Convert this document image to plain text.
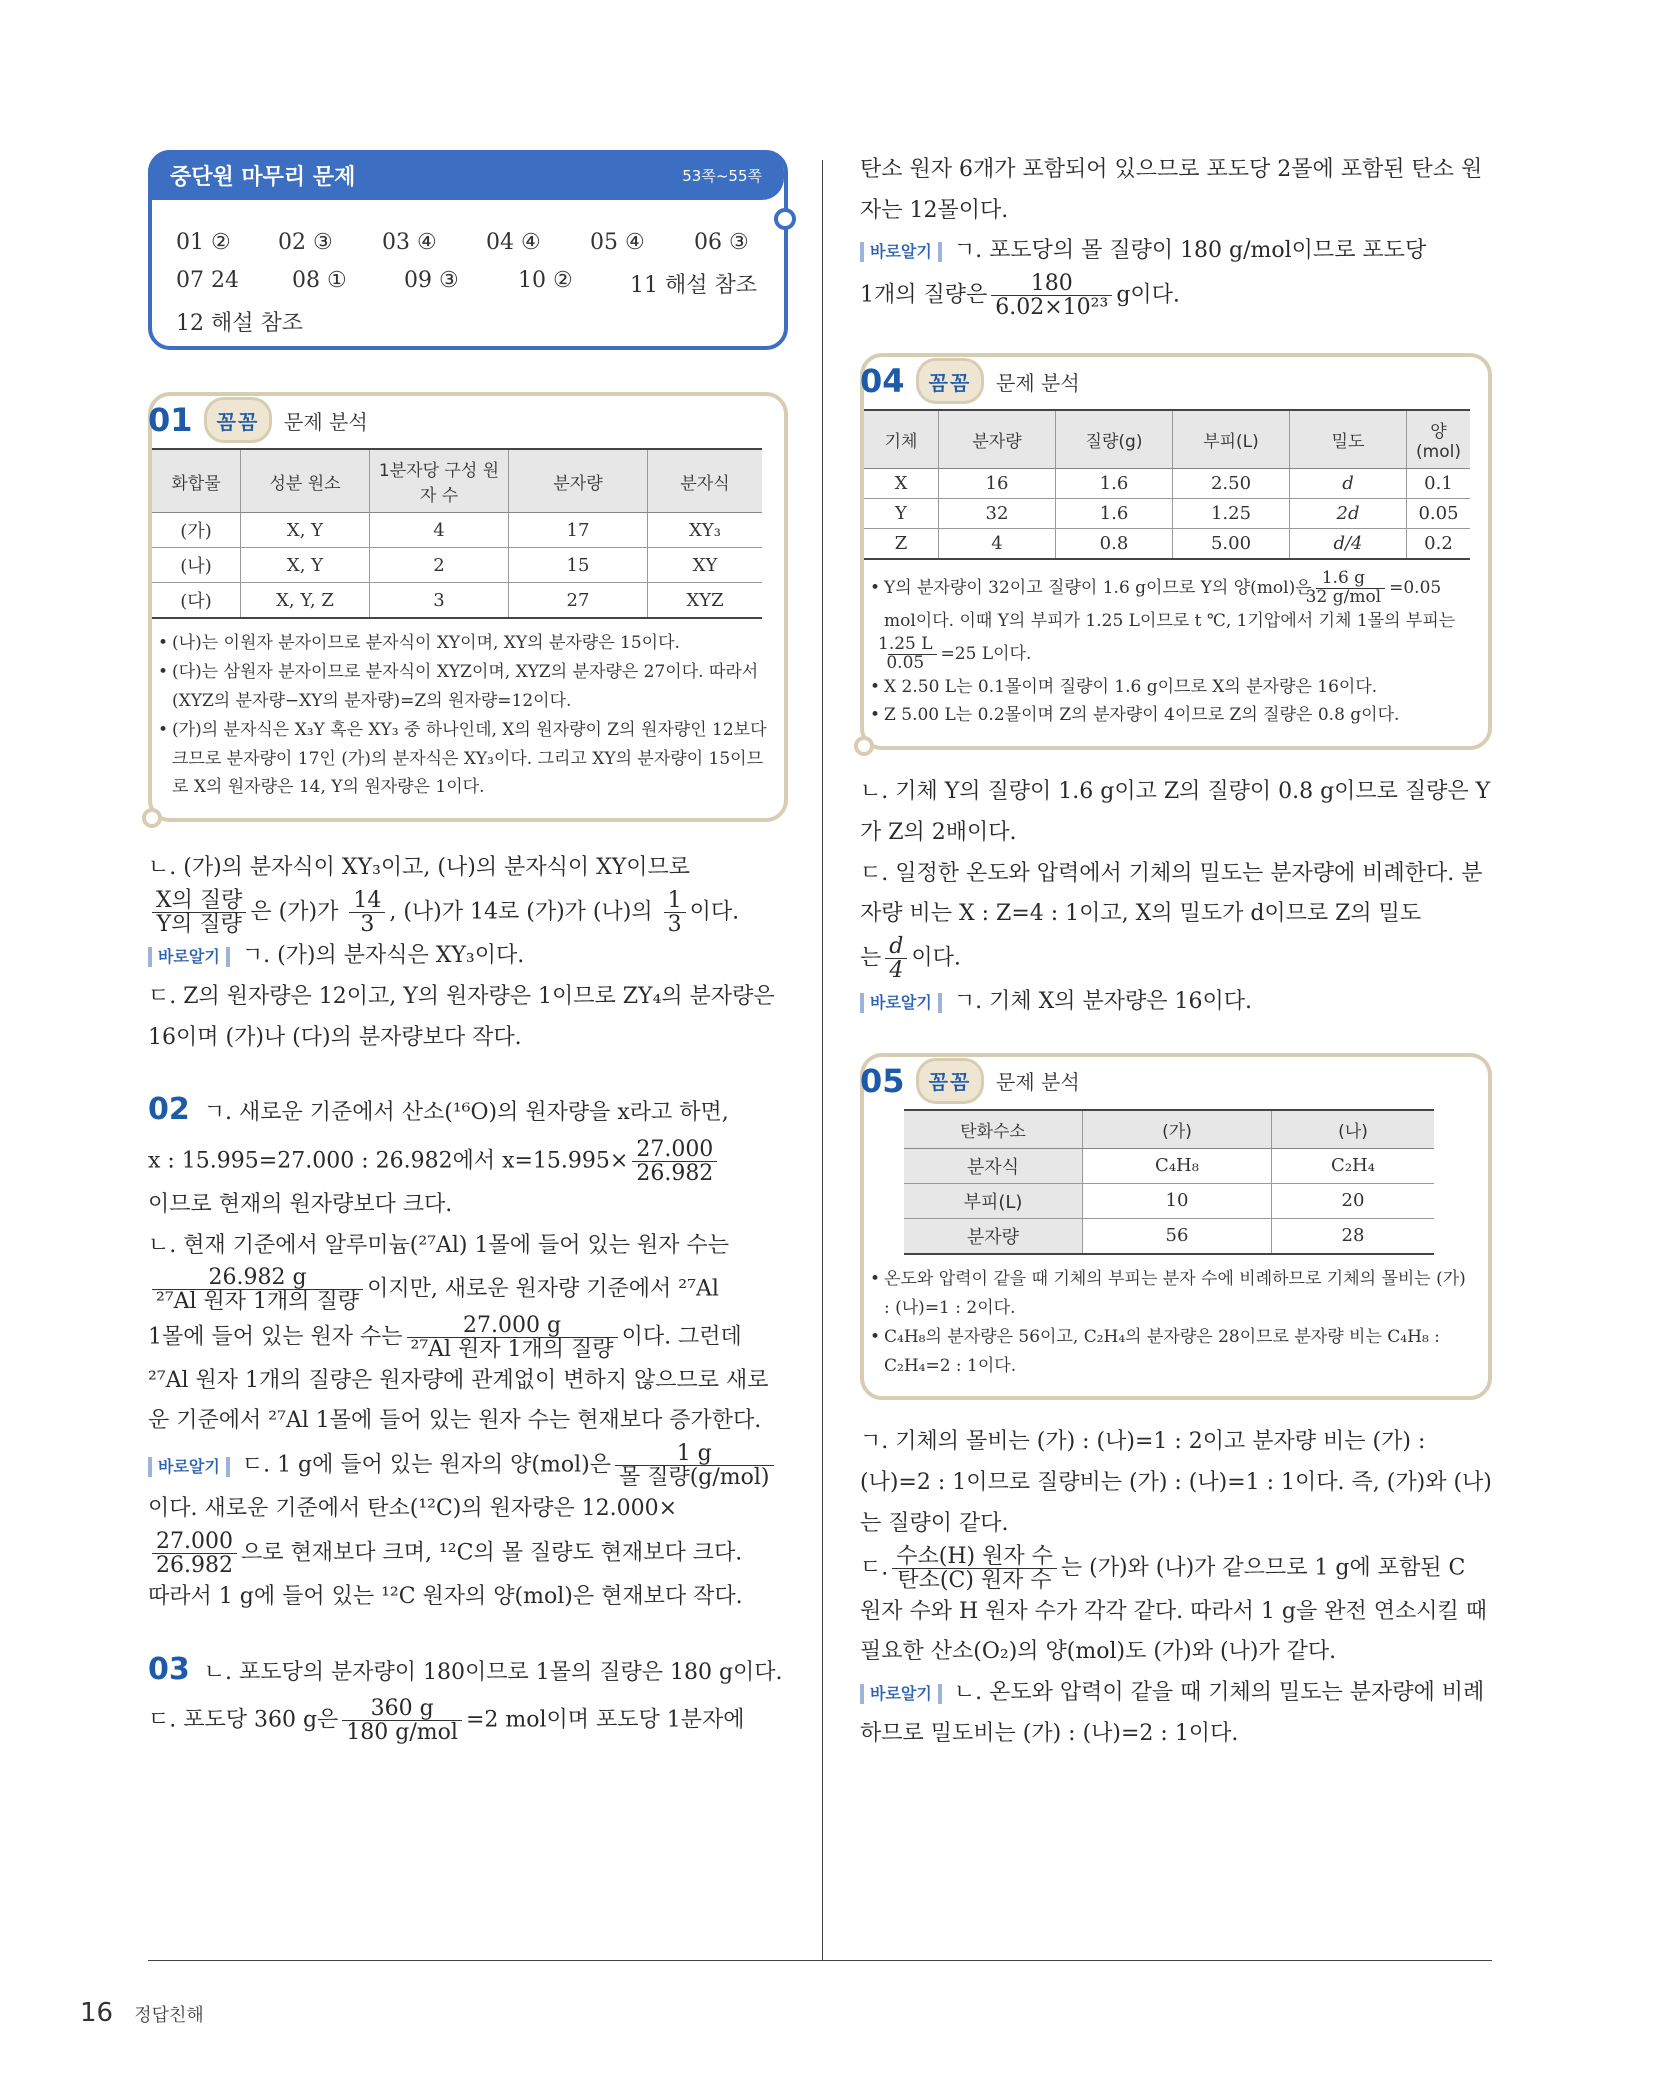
중단원 마무리 문제	53쪽~55쪽
01 ②	02 ③	03 ④	04 ④	05 ④	06 ③
07 24	08 ①	09 ③	10 ②	11 해설 참조
12 해설 참조
01	꼼꼼	문제 분석
화합물	성분 원소	1분자당 구성 원자 수	분자량	분자식
(가)	X, Y	4	17	XY₃
(나)	X, Y	2	15	XY
(다)	X, Y, Z	3	27	XYZ
• (나)는 이원자 분자이므로 분자식이 XY이며, XY의 분자량은 15이다.
• (다)는 삼원자 분자이므로 분자식이 XYZ이며, XYZ의 분자량은 27이다. 따라서 (XYZ의 분자량−XY의 분자량)=Z의 원자량=12이다.
• (가)의 분자식은 X₃Y 혹은 XY₃ 중 하나인데, X의 원자량이 Z의 원자량인 12보다 크므로 분자량이 17인 (가)의 분자식은 XY₃이다. 그리고 XY의 분자량이 15이므로 X의 원자량은 14, Y의 원자량은 1이다.

ㄴ. (가)의 분자식이 XY₃이고, (나)의 분자식이 XY이므로

$\frac{\text{X의 질량}}{\text{Y의 질량}}$ 은 (가)가 $\frac{14}{3}$ , (나)가 14로 (가)가 (나)의 $\frac{1}{3}$ 이다.

바로알기 ㄱ. (가)의 분자식은 XY₃이다.

ㄷ. Z의 원자량은 12이고, Y의 원자량은 1이므로 ZY₄의 분자량은 16이며 (가)나 (다)의 분자량보다 작다.

02 ㄱ. 새로운 기준에서 산소(¹⁶O)의 원자량을 x라고 하면,

x : 15.995=27.000 : 26.982에서 $x=15.995\times \frac{27.000}{26.982}$

이므로 현재의 원자량보다 크다.

ㄴ. 현재 기준에서 알루미늄(²⁷Al) 1몰에 들어 있는 원자 수는

$\frac{26.982 g}{\text{²⁷Al 원자 1개의 질량}}$ 이지만, 새로운 원자량 기준에서 ²⁷Al

1몰에 들어 있는 원자 수는 $\frac{27.000 g}{\text{²⁷Al 원자 1개의 질량}}$ 이다. 그런데

²⁷Al 원자 1개의 질량은 원자량에 관계없이 변하지 않으므로 새로운 기준에서 ²⁷Al 1몰에 들어 있는 원자 수는 현재보다 증가한다.

바로알기 ㄷ. 1 g에 들어 있는 원자의 양(mol)은 $\frac{1 g}{\text{몰 질량(g/mol)}}$

이다. 새로운 기준에서 탄소(¹²C)의 원자량은 12.000×

$\frac{27.000}{26.982}$ 으로 현재보다 크며, ¹²C의 몰 질량도 현재보다 크다.

따라서 1 g에 들어 있는 ¹²C 원자의 양(mol)은 현재보다 작다.

03 ㄴ. 포도당의 분자량이 180이므로 1몰의 질량은 180 g이다.

ㄷ. 포도당 360 g은 $\frac{360 g}{\text{180 g/mol}} =2$ mol이며 포도당 1분자에

탄소 원자 6개가 포함되어 있으므로 포도당 2몰에 포함된 탄소 원자는 12몰이다.

바로알기 ㄱ. 포도당의 몰 질량이 180 g/mol이므로 포도당

1개의 질량은 $\frac{180}{\text{6.02×10²³}}$ g이다.

04	꼼꼼	문제 분석
기체	분자량	질량(g)	부피(L)	밀도	양(mol)
X	16	1.6	2.50	d	0.1
Y	32	1.6	1.25	2d	0.05
Z	4	0.8	5.00	d/4	0.2
• Y의 분자량이 32이고 질량이 1.6 g이므로 Y의 양(mol)은 $\frac{1.6 g}{\text{32 g/mol}} =0.05$ mol이다. 이때 Y의 부피가 1.25 L이므로 t ℃, 1기압에서 기체 1몰의 부피는
$\frac{1.25 L}{0.05} =25$ L이다.
• X 2.50 L는 0.1몰이며 질량이 1.6 g이므로 X의 분자량은 16이다.
• Z 5.00 L는 0.2몰이며 Z의 분자량이 4이므로 Z의 질량은 0.8 g이다.

ㄴ. 기체 Y의 질량이 1.6 g이고 Z의 질량이 0.8 g이므로 질량은 Y가 Z의 2배이다.

ㄷ. 일정한 온도와 압력에서 기체의 밀도는 분자량에 비례한다. 분자량 비는 X : Z=4 : 1이고, X의 밀도가 d이므로 Z의 밀도

는 $\frac{d}{4}$ 이다.

바로알기 ㄱ. 기체 X의 분자량은 16이다.

05	꼼꼼	문제 분석
탄화수소	(가)	(나)
분자식	C₄H₈	C₂H₄
부피(L)	10	20
분자량	56	28
• 온도와 압력이 같을 때 기체의 부피는 분자 수에 비례하므로 기체의 몰비는 (가) : (나)=1 : 2이다.
• C₄H₈의 분자량은 56이고, C₂H₄의 분자량은 28이므로 분자량 비는 C₄H₈ : C₂H₄=2 : 1이다.

ㄱ. 기체의 몰비는 (가) : (나)=1 : 2이고 분자량 비는 (가) : (나)=2 : 1이므로 질량비는 (가) : (나)=1 : 1이다. 즉, (가)와 (나)는 질량이 같다.

ㄷ. $\frac{\text{수소(H) 원자 수}}{\text{탄소(C) 원자 수}}$ 는 (가)와 (나)가 같으므로 1 g에 포함된 C 원자 수와 H 원자 수가 각각 같다. 따라서 1 g을 완전 연소시킬 때 필요한 산소(O₂)의 양(mol)도 (가)와 (나)가 같다.

바로알기 ㄴ. 온도와 압력이 같을 때 기체의 밀도는 분자량에 비례하므로 밀도비는 (가) : (나)=2 : 1이다.

16 정답친해
